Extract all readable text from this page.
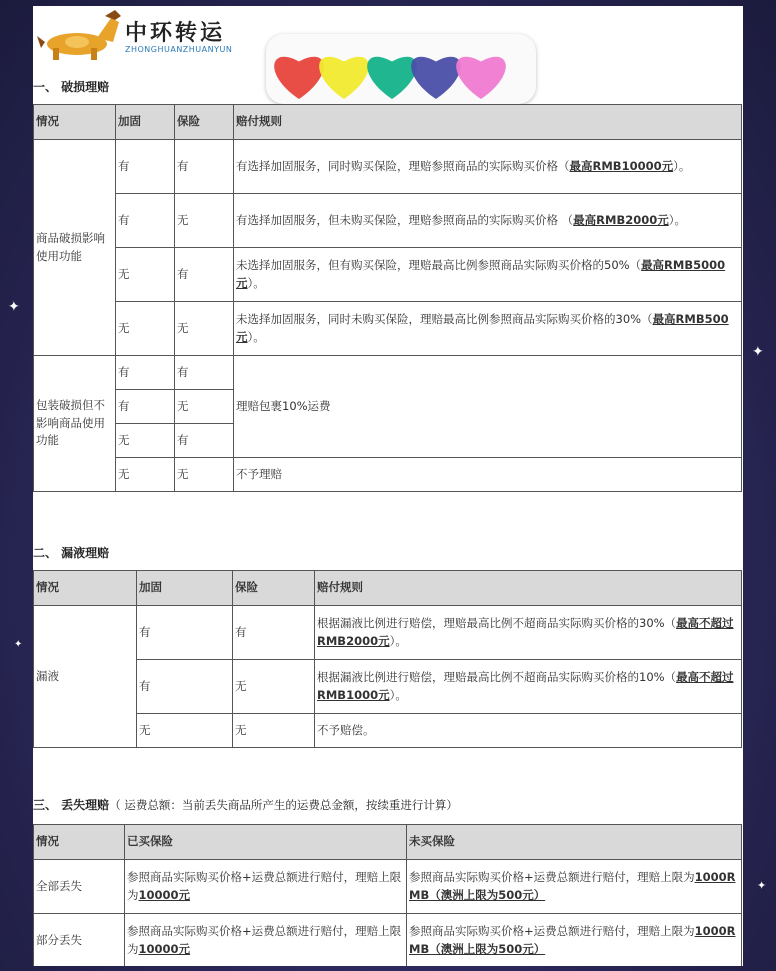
✦
✦
✦
✦
中环转运
ZHONGHUANZHUANYUN
一、 破损理赔
情况	加固	保险	赔付规则
商品破损影响使用功能	有	有	有选择加固服务，同时购买保险，理赔参照商品的实际购买价格（最高RMB10000元）。
	有	无	有选择加固服务，但未购买保险，理赔参照商品的实际购买价格 （最高RMB2000元）。
	无	有	未选择加固服务，但有购买保险，理赔最高比例参照商品实际购买价格的50%（最高RMB5000元）。
	无	无	未选择加固服务，同时未购买保险，理赔最高比例参照商品实际购买价格的30%（最高RMB500元）。
包装破损但不影响商品使用功能	有	有	理赔包裹10%运费
	有	无	
	无	有	
	无	无	不予理赔
二、 漏液理赔
情况	加固	保险	赔付规则
漏液	有	有	根据漏液比例进行赔偿，理赔最高比例不超商品实际购买价格的30%（最高不超过RMB2000元）。
	有	无	根据漏液比例进行赔偿，理赔最高比例不超商品实际购买价格的10%（最高不超过RMB1000元）。
	无	无	不予赔偿。
三、 丢失理赔（ 运费总额：当前丢失商品所产生的运费总金额，按续重进行计算）
情况	已买保险	未买保险
全部丢失	参照商品实际购买价格+运费总额进行赔付，理赔上限为10000元	参照商品实际购买价格+运费总额进行赔付，理赔上限为1000RMB（澳洲上限为500元）
部分丢失	参照商品实际购买价格+运费总额进行赔付，理赔上限为10000元	参照商品实际购买价格+运费总额进行赔付，理赔上限为1000RMB（澳洲上限为500元）
